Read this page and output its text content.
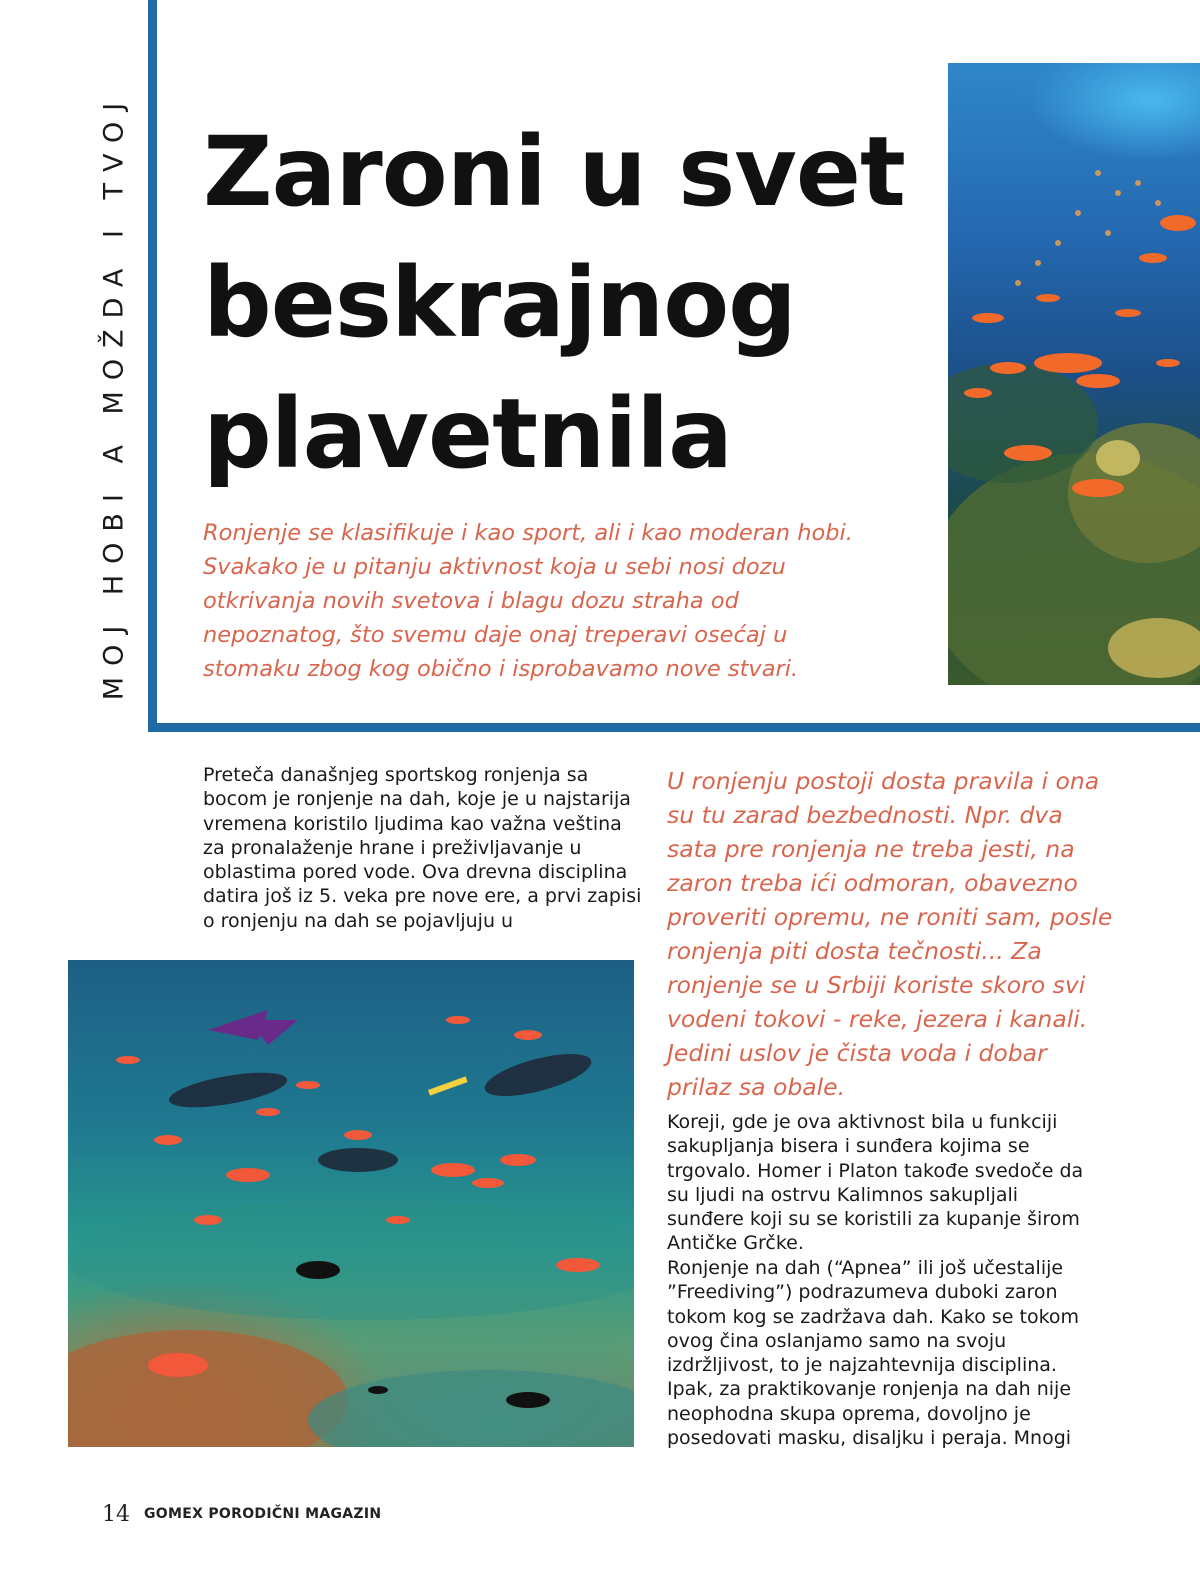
MOJ HOBI A MOŽDA I TVOJ Zaroni u svet beskrajnog plavetnila

Ronjenje se klasifikuje i kao sport, ali i kao moderan hobi. Svakako je u pitanju aktivnost koja u sebi nosi dozu otkrivanja novih svetova i blagu dozu straha od nepoznatog, što svemu daje onaj treperavi osećaj u stomaku zbog kog obično i isprobavamo nove stvari.

Preteča današnjeg sportskog ronjenja sa bocom je ronjenje na dah, koje je u najstarija vremena koristilo ljudima kao važna veština za pronalaženje hrane i preživljavanje u oblastima pored vode. Ova drevna disciplina datira još iz 5. veka pre nove ere, a prvi zapisi o ronjenju na dah se pojavljuju u

U ronjenju postoji dosta pravila i ona su tu zarad bezbednosti. Npr. dva sata pre ronjenja ne treba jesti, na zaron treba ići odmoran, obavezno proveriti opremu, ne roniti sam, posle ronjenja piti dosta tečnosti... Za ronjenje se u Srbiji koriste skoro svi vodeni tokovi - reke, jezera i kanali. Jedini uslov je čista voda i dobar prilaz sa obale.

Koreji, gde je ova aktivnost bila u funkciji sakupljanja bisera i sunđera kojima se trgovalo. Homer i Platon takođe svedoče da su ljudi na ostrvu Kalimnos sakupljali sunđere koji su se koristili za kupanje širom Antičke Grčke.

Ronjenje na dah (“Apnea” ili još učestalije ”Freediving”) podrazumeva duboki zaron tokom kog se zadržava dah. Kako se tokom ovog čina oslanjamo samo na svoju izdržljivost, to je najzahtevnija disciplina. Ipak, za praktikovanje ronjenja na dah nije neophodna skupa oprema, dovoljno je posedovati masku, disaljku i peraja. Mnogi

14 GOMEX PORODIČNI MAGAZIN
